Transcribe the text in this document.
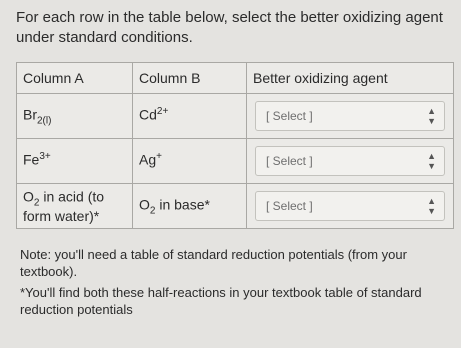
For each row in the table below, select the better oxidizing agent under standard conditions.

Column A	Column B	Better oxidizing agent
$Br_{2(l)}$	$Cd^{2+}$	[ Select ] ▲
▼

$Fe^{3+}$	Ag+	[ Select ] ▲
▼

$O_2$ in acid (to form water)*	$O_2$ in base*	[ Select ] ▲
▼

Note: you'll need a table of standard reduction potentials (from your textbook).

*You'll find both these half-reactions in your textbook table of standard reduction potentials
